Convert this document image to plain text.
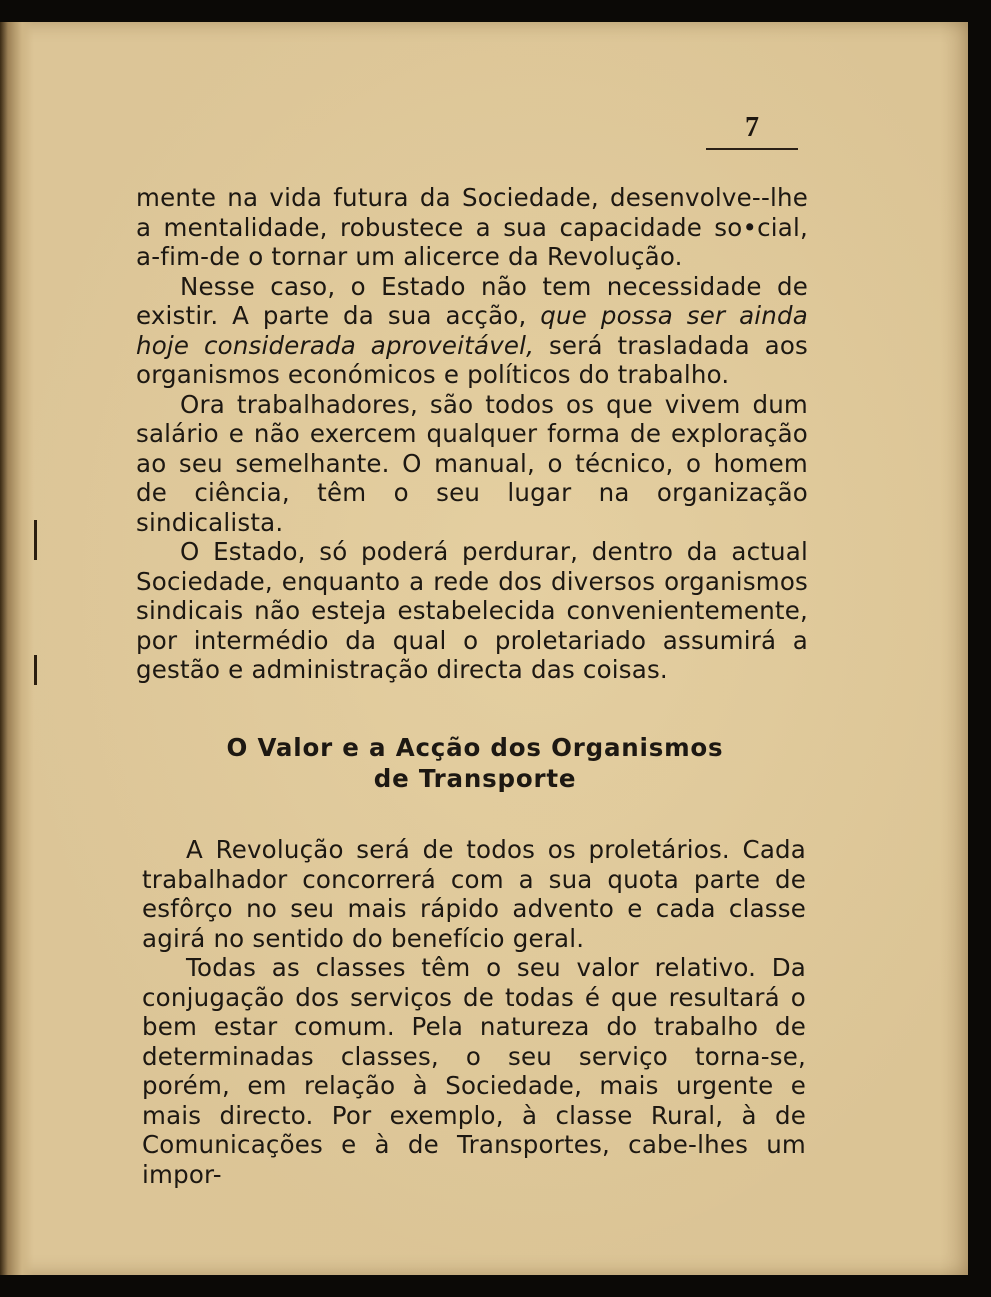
7

mente na vida futura da Sociedade, desenvolve--lhe a mentalidade, robustece a sua capacidade so•cial, a-fim-de o tornar um alicerce da Revolução.

Nesse caso, o Estado não tem necessidade de existir. A parte da sua acção, que possa ser ainda hoje considerada aproveitável, será trasladada aos organismos económicos e políticos do trabalho.

Ora trabalhadores, são todos os que vivem dum salário e não exercem qualquer forma de exploração ao seu semelhante. O manual, o técnico, o homem de ciência, têm o seu lugar na organização sindicalista.

O Estado, só poderá perdurar, dentro da actual Sociedade, enquanto a rede dos diversos organismos sindicais não esteja estabelecida convenientemente, por intermédio da qual o proletariado assumirá a gestão e administração directa das coisas.

O Valor e a Acção dos Organismos
de Transporte

A Revolução será de todos os proletários. Cada trabalhador concorrerá com a sua quota parte de esfôrço no seu mais rápido advento e cada classe agirá no sentido do benefício geral.

Todas as classes têm o seu valor relativo. Da conjugação dos serviços de todas é que resultará o bem estar comum. Pela natureza do trabalho de determinadas classes, o seu serviço torna-se, porém, em relação à Sociedade, mais urgente e mais directo. Por exemplo, à classe Rural, à de Comunicações e à de Transportes, cabe-lhes um impor-
